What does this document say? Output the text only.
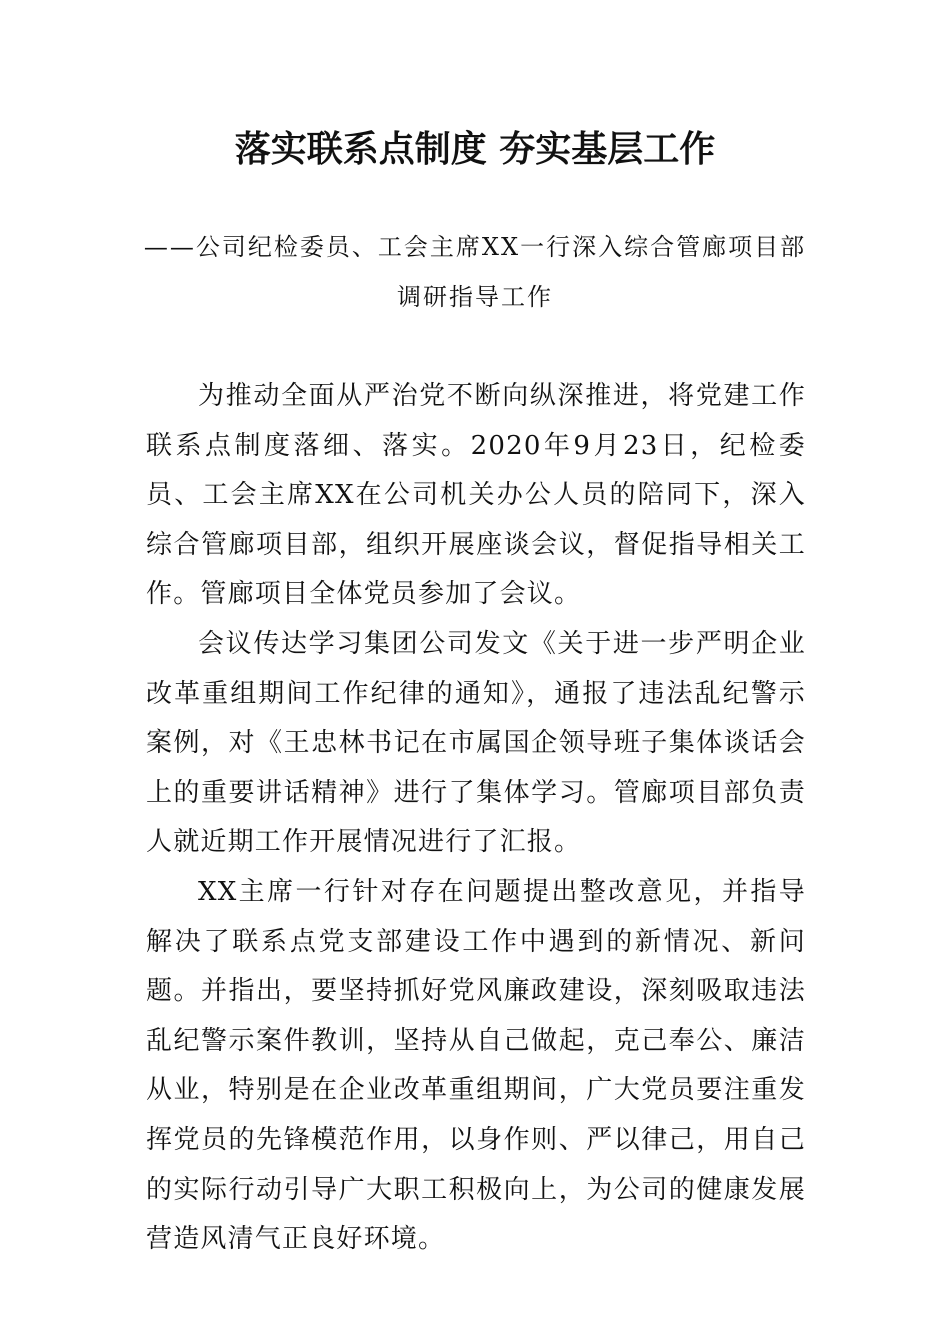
落实联系点制度 夯实基层工作
——公司纪检委员、工会主席XX一行深入综合管廊项目部调研指导工作

为推动全面从严治党不断向纵深推进，将党建工作联系点制度落细、落实。2020年9月23日，纪检委员、工会主席XX在公司机关办公人员的陪同下，深入综合管廊项目部，组织开展座谈会议，督促指导相关工作。管廊项目全体党员参加了会议。

会议传达学习集团公司发文《关于进一步严明企业改革重组期间工作纪律的通知》，通报了违法乱纪警示案例，对《王忠林书记在市属国企领导班子集体谈话会上的重要讲话精神》进行了集体学习。管廊项目部负责人就近期工作开展情况进行了汇报。

XX主席一行针对存在问题提出整改意见，并指导解决了联系点党支部建设工作中遇到的新情况、新问题。并指出，要坚持抓好党风廉政建设，深刻吸取违法乱纪警示案件教训，坚持从自己做起，克己奉公、廉洁从业，特别是在企业改革重组期间，广大党员要注重发挥党员的先锋模范作用，以身作则、严以律己，用自己的实际行动引导广大职工积极向上，为公司的健康发展营造风清气正良好环境。
